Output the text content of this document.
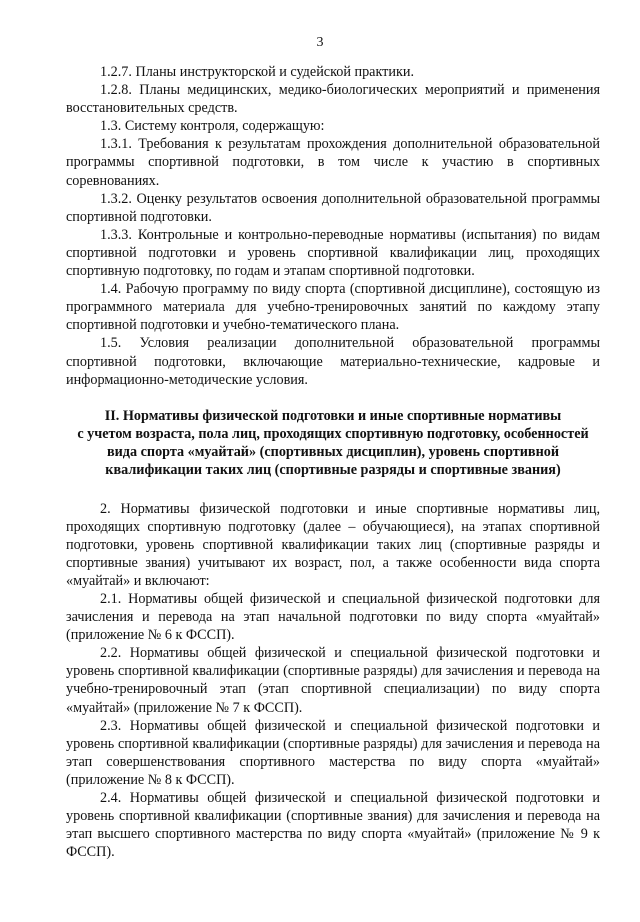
3

1.2.7. Планы инструкторской и судейской практики.

1.2.8. Планы медицинских, медико-биологических мероприятий и применения восстановительных средств.

1.3. Систему контроля, содержащую:

1.3.1. Требования к результатам прохождения дополнительной образовательной программы спортивной подготовки, в том числе к участию в спортивных соревнованиях.

1.3.2. Оценку результатов освоения дополнительной образовательной программы спортивной подготовки.

1.3.3. Контрольные и контрольно-переводные нормативы (испытания) по видам спортивной подготовки и уровень спортивной квалификации лиц, проходящих спортивную подготовку, по годам и этапам спортивной подготовки.

1.4. Рабочую программу по виду спорта (спортивной дисциплине), состоящую из программного материала для учебно-тренировочных занятий по каждому этапу спортивной подготовки и учебно-тематического плана.

1.5. Условия реализации дополнительной образовательной программы спортивной подготовки, включающие материально-технические, кадровые и информационно-методические условия.

II. Нормативы физической подготовки и иные спортивные нормативы

с учетом возраста, пола лиц, проходящих спортивную подготовку, особенностей

вида спорта «муайтай» (спортивных дисциплин), уровень спортивной

квалификации таких лиц (спортивные разряды и спортивные звания)

2. Нормативы физической подготовки и иные спортивные нормативы лиц, проходящих спортивную подготовку (далее – обучающиеся), на этапах спортивной подготовки, уровень спортивной квалификации таких лиц (спортивные разряды и спортивные звания) учитывают их возраст, пол, а также особенности вида спорта «муайтай» и включают:

2.1. Нормативы общей физической и специальной физической подготовки для зачисления и перевода на этап начальной подготовки по виду спорта «муайтай» (приложение № 6 к ФССП).

2.2. Нормативы общей физической и специальной физической подготовки и уровень спортивной квалификации (спортивные разряды) для зачисления и перевода на учебно-тренировочный этап (этап спортивной специализации) по виду спорта «муайтай» (приложение № 7 к ФССП).

2.3. Нормативы общей физической и специальной физической подготовки и уровень спортивной квалификации (спортивные разряды) для зачисления и перевода на этап совершенствования спортивного мастерства по виду спорта «муайтай» (приложение № 8 к ФССП).

2.4. Нормативы общей физической и специальной физической подготовки и уровень спортивной квалификации (спортивные звания) для зачисления и перевода на этап высшего спортивного мастерства по виду спорта «муайтай» (приложение № 9 к ФССП).
